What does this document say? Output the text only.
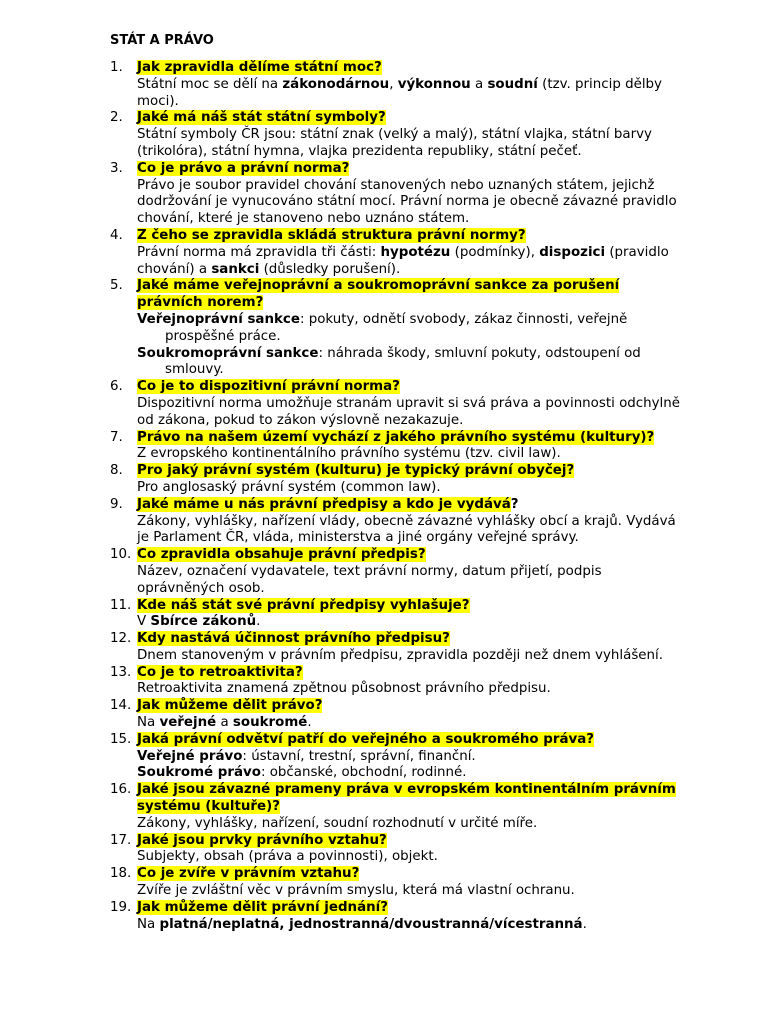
STÁT A PRÁVO
1. Jak zpravidla dělíme státní moc?
Státní moc se dělí na zákonodárnou, výkonnou a soudní (tzv. princip dělby moci).
2. Jaké má náš stát státní symboly?
Státní symboly ČR jsou: státní znak (velký a malý), státní vlajka, státní barvy (trikolóra), státní hymna, vlajka prezidenta republiky, státní pečeť.
3. Co je právo a právní norma?
Právo je soubor pravidel chování stanovených nebo uznaných státem, jejichž dodržování je vynucováno státní mocí. Právní norma je obecně závazné pravidlo chování, které je stanoveno nebo uznáno státem.
4. Z čeho se zpravidla skládá struktura právní normy?
Právní norma má zpravidla tři části: hypotézu (podmínky), dispozici (pravidlo chování) a sankci (důsledky porušení).
5. Jaké máme veřejnoprávní a soukromoprávní sankce za porušení právních norem?
Veřejnoprávní sankce: pokuty, odnětí svobody, zákaz činnosti, veřejně
prospěšné práce.
Soukromoprávní sankce: náhrada škody, smluvní pokuty, odstoupení od
smlouvy.
6. Co je to dispozitivní právní norma?
Dispozitivní norma umožňuje stranám upravit si svá práva a povinnosti odchylně od zákona, pokud to zákon výslovně nezakazuje.
7. Právo na našem území vychází z jakého právního systému (kultury)?
Z evropského kontinentálního právního systému (tzv. civil law).
8. Pro jaký právní systém (kulturu) je typický právní obyčej?
Pro anglosaský právní systém (common law).
9. Jaké máme u nás právní předpisy a kdo je vydává?
Zákony, vyhlášky, nařízení vlády, obecně závazné vyhlášky obcí a krajů. Vydává je Parlament ČR, vláda, ministerstva a jiné orgány veřejné správy.
10. Co zpravidla obsahuje právní předpis?
Název, označení vydavatele, text právní normy, datum přijetí, podpis oprávněných osob.
11. Kde náš stát své právní předpisy vyhlašuje?
V Sbírce zákonů.
12. Kdy nastává účinnost právního předpisu?
Dnem stanoveným v právním předpisu, zpravidla později než dnem vyhlášení.
13. Co je to retroaktivita?
Retroaktivita znamená zpětnou působnost právního předpisu.
14. Jak můžeme dělit právo?
Na veřejné a soukromé.
15. Jaká právní odvětví patří do veřejného a soukromého práva?
Veřejné právo: ústavní, trestní, správní, finanční.
Soukromé právo: občanské, obchodní, rodinné.
16. Jaké jsou závazné prameny práva v evropském kontinentálním právním systému (kultuře)?
Zákony, vyhlášky, nařízení, soudní rozhodnutí v určité míře.
17. Jaké jsou prvky právního vztahu?
Subjekty, obsah (práva a povinnosti), objekt.
18. Co je zvíře v právním vztahu?
Zvíře je zvláštní věc v právním smyslu, která má vlastní ochranu.
19. Jak můžeme dělit právní jednání?
Na platná/neplatná, jednostranná/dvoustranná/vícestranná.
